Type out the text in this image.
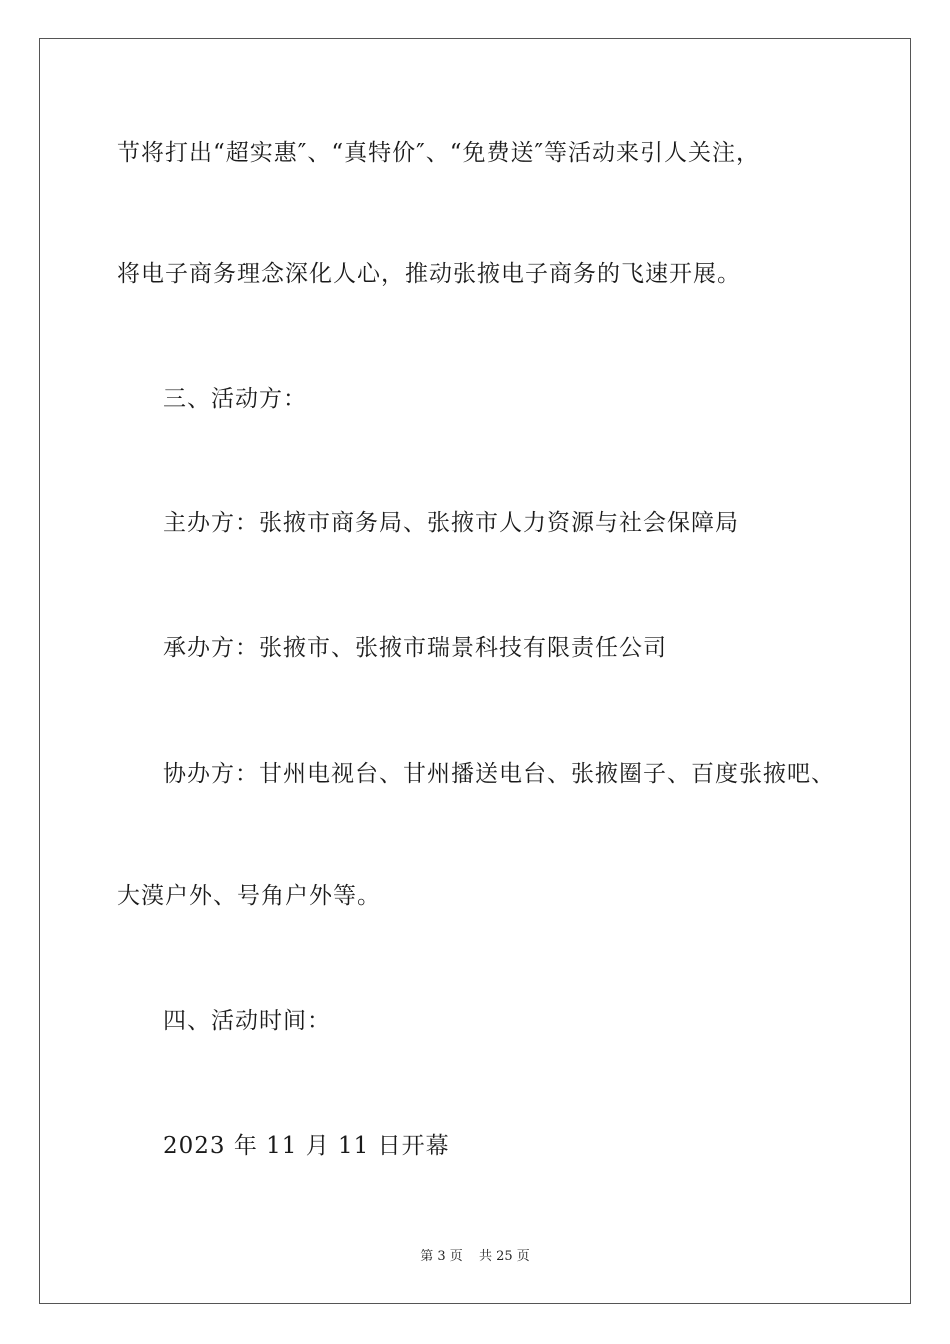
节将打出“超实惠″、“真特价″、“免费送″等活动来引人关注，
将电子商务理念深化人心，推动张掖电子商务的飞速开展。
三、活动方：
主办方：张掖市商务局、张掖市人力资源与社会保障局
承办方：张掖市、张掖市瑞景科技有限责任公司
协办方：甘州电视台、甘州播送电台、张掖圈子、百度张掖吧、
大漠户外、号角户外等。
四、活动时间：
2023 年 11 月 11 日开幕
第 3 页 共 25 页
